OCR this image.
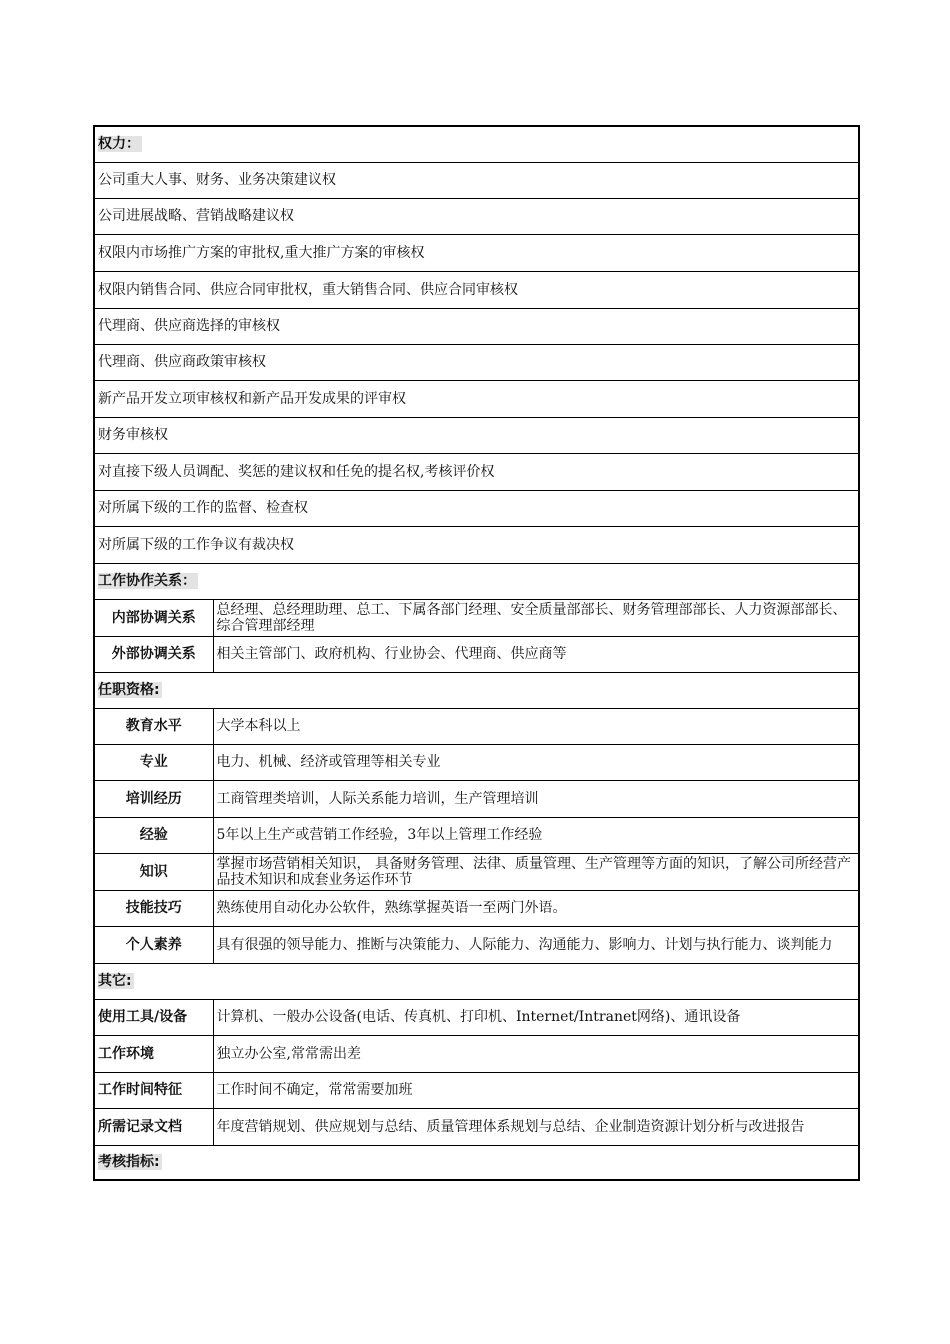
权力：	
公司重大人事、财务、业务决策建议权	
公司进展战略、营销战略建议权	
权限内市场推广方案的审批权,重大推广方案的审核权	
权限内销售合同、供应合同审批权，重大销售合同、供应合同审核权	
代理商、供应商选择的审核权	
代理商、供应商政策审核权	
新产品开发立项审核权和新产品开发成果的评审权	
财务审核权	
对直接下级人员调配、奖惩的建议权和任免的提名权,考核评价权	
对所属下级的工作的监督、检查权	
对所属下级的工作争议有裁决权	
工作协作关系：	
内部协调关系	总经理、总经理助理、总工、下属各部门经理、安全质量部部长、财务管理部部长、人力资源部部长、综合管理部经理
外部协调关系	相关主管部门、政府机构、行业协会、代理商、供应商等
任职资格:	
教育水平	大学本科以上
专业	电力、机械、经济或管理等相关专业
培训经历	工商管理类培训，人际关系能力培训，生产管理培训
经验	5年以上生产或营销工作经验，3年以上管理工作经验
知识	掌握市场营销相关知识， 具备财务管理、法律、质量管理、生产管理等方面的知识，了解公司所经营产品技术知识和成套业务运作环节
技能技巧	熟练使用自动化办公软件，熟练掌握英语一至两门外语。
个人素养	具有很强的领导能力、推断与决策能力、人际能力、沟通能力、影响力、计划与执行能力、谈判能力
其它:	
使用工具/设备	计算机、一般办公设备(电话、传真机、打印机、Internet/Intranet网络)、通讯设备
工作环境	独立办公室,常常需出差
工作时间特征	工作时间不确定，常常需要加班
所需记录文档	年度营销规划、供应规划与总结、质量管理体系规划与总结、企业制造资源计划分析与改进报告
考核指标:	
